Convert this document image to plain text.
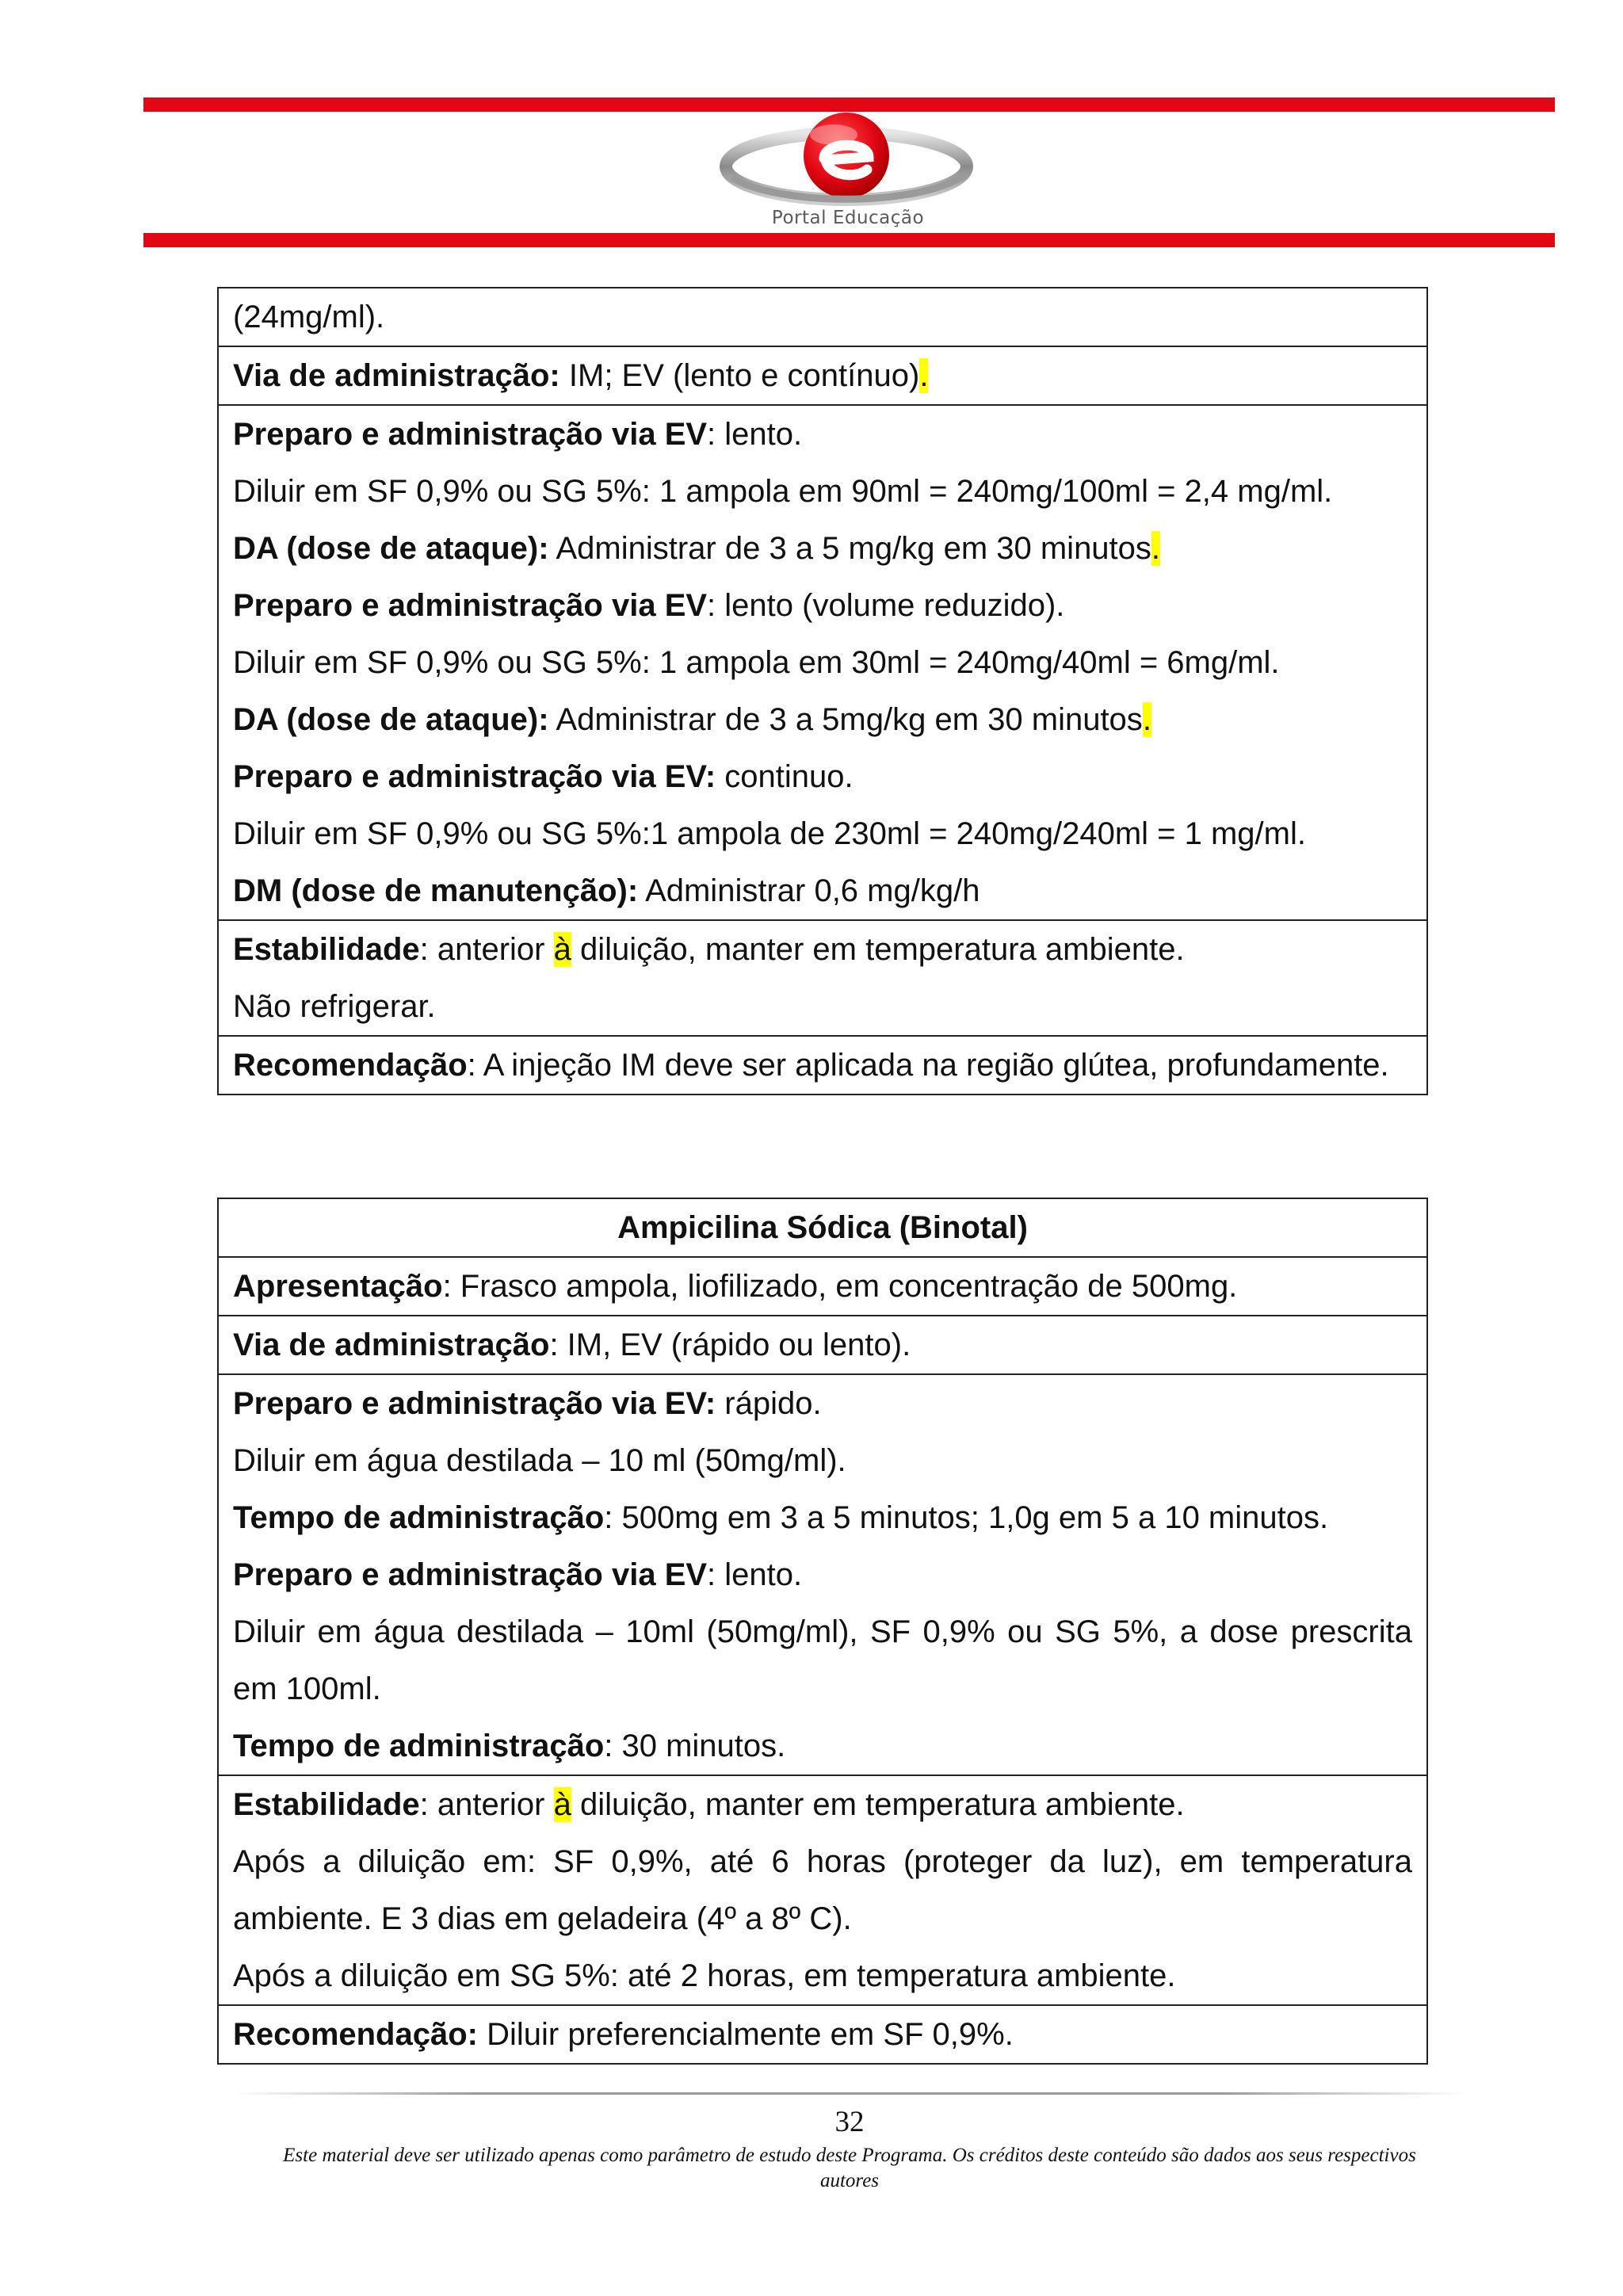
Portal Educação
(24mg/ml).

Via de administração: IM; EV (lento e contínuo).

Preparo e administração via EV: lento.
Diluir em SF 0,9% ou SG 5%: 1 ampola em 90ml = 240mg/100ml = 2,4 mg/ml.
DA (dose de ataque): Administrar de 3 a 5 mg/kg em 30 minutos.
Preparo e administração via EV: lento (volume reduzido).
Diluir em SF 0,9% ou SG 5%: 1 ampola em 30ml = 240mg/40ml = 6mg/ml.
DA (dose de ataque): Administrar de 3 a 5mg/kg em 30 minutos.
Preparo e administração via EV: continuo.
Diluir em SF 0,9% ou SG 5%:1 ampola de 230ml = 240mg/240ml = 1 mg/ml.
DM (dose de manutenção): Administrar 0,6 mg/kg/h

Estabilidade: anterior à diluição, manter em temperatura ambiente.
Não refrigerar.

Recomendação: A injeção IM deve ser aplicada na região glútea, profundamente.
Ampicilina Sódica (Binotal)

Apresentação: Frasco ampola, liofilizado, em concentração de 500mg.

Via de administração: IM, EV (rápido ou lento).

Preparo e administração via EV: rápido.
Diluir em água destilada – 10 ml (50mg/ml).
Tempo de administração: 500mg em 3 a 5 minutos; 1,0g em 5 a 10 minutos.
Preparo e administração via EV: lento.
Diluir em água destilada – 10ml (50mg/ml), SF 0,9% ou SG 5%, a dose prescrita em 100ml.
Tempo de administração: 30 minutos.

Estabilidade: anterior à diluição, manter em temperatura ambiente.
Após a diluição em: SF 0,9%, até 6 horas (proteger da luz), em temperatura ambiente. E 3 dias em geladeira (4º a 8º C).
Após a diluição em SG 5%: até 2 horas, em temperatura ambiente.

Recomendação: Diluir preferencialmente em SF 0,9%.
32
Este material deve ser utilizado apenas como parâmetro de estudo deste Programa. Os créditos deste conteúdo são dados aos seus respectivos autores
